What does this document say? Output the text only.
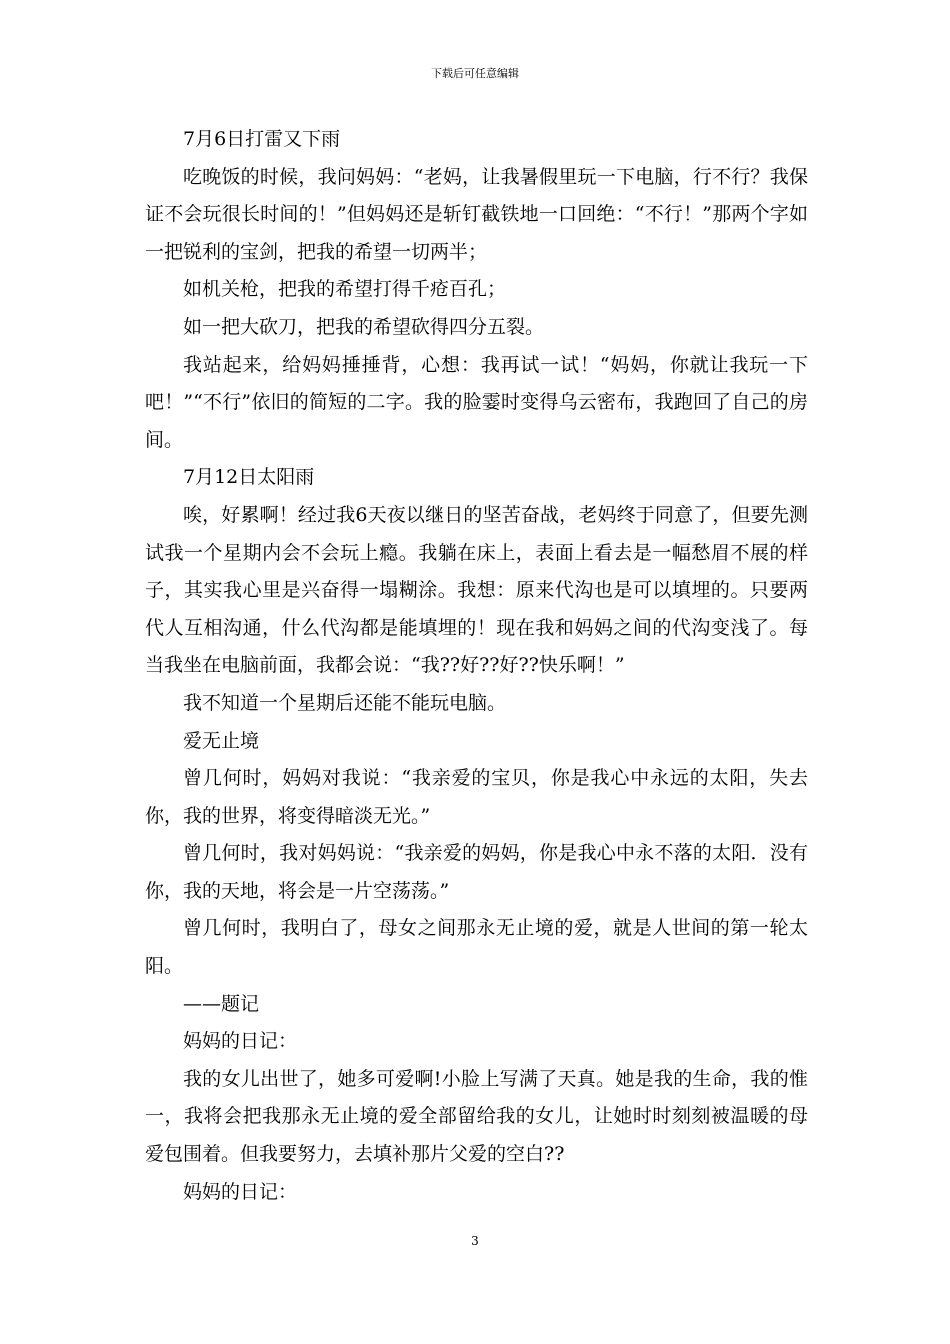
下载后可任意编辑

7月6日打雷又下雨

吃晚饭的时候，我问妈妈：“老妈，让我暑假里玩一下电脑，行不行？我保证不会玩很长时间的！”但妈妈还是斩钉截铁地一口回绝：“不行！”那两个字如一把锐利的宝剑，把我的希望一切两半；

如机关枪，把我的希望打得千疮百孔；

如一把大砍刀，把我的希望砍得四分五裂。

我站起来，给妈妈捶捶背，心想：我再试一试！“妈妈，你就让我玩一下吧！”“不行”依旧的简短的二字。我的脸霎时变得乌云密布，我跑回了自己的房间。

7月12日太阳雨

唉，好累啊！经过我6天夜以继日的坚苦奋战，老妈终于同意了，但要先测试我一个星期内会不会玩上瘾。我躺在床上，表面上看去是一幅愁眉不展的样子，其实我心里是兴奋得一塌糊涂。我想：原来代沟也是可以填埋的。只要两代人互相沟通，什么代沟都是能填埋的！现在我和妈妈之间的代沟变浅了。每当我坐在电脑前面，我都会说：“我??好??好??快乐啊！”

我不知道一个星期后还能不能玩电脑。

爱无止境

曾几何时，妈妈对我说：“我亲爱的宝贝，你是我心中永远的太阳，失去你，我的世界，将变得暗淡无光。”

曾几何时，我对妈妈说：“我亲爱的妈妈，你是我心中永不落的太阳．没有你，我的天地，将会是一片空荡荡。”

曾几何时，我明白了，母女之间那永无止境的爱，就是人世间的第一轮太阳。

——题记

妈妈的日记：

我的女儿出世了，她多可爱啊!小脸上写满了天真。她是我的生命，我的惟一，我将会把我那永无止境的爱全部留给我的女儿，让她时时刻刻被温暖的母爱包围着。但我要努力，去填补那片父爱的空白??

妈妈的日记：

3
